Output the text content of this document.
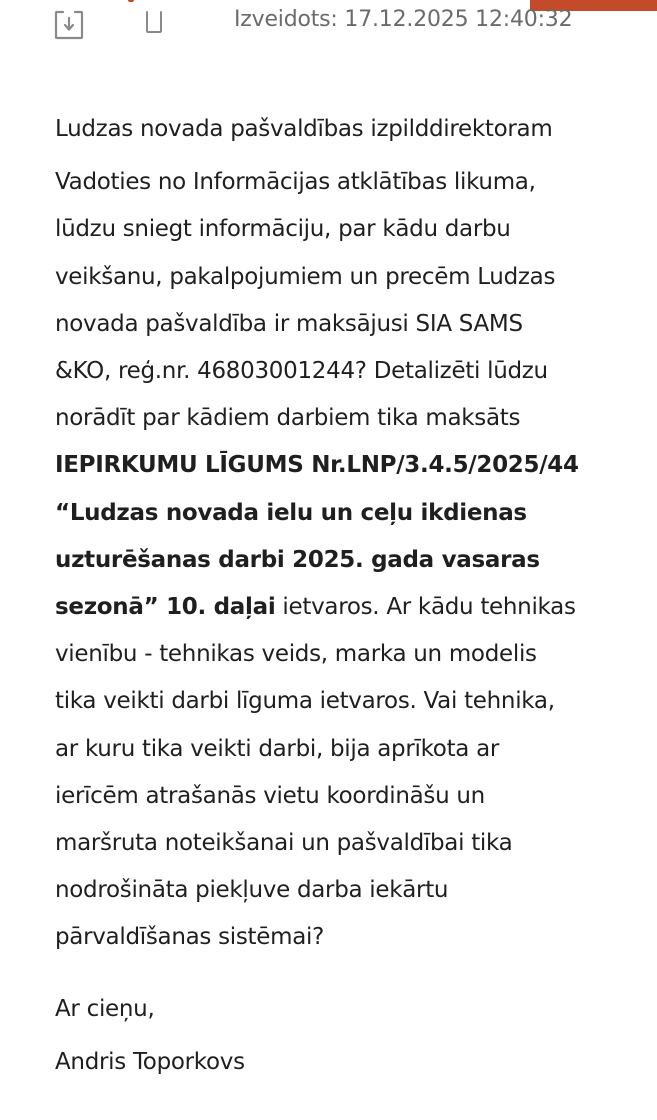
Izveidots: 17.12.2025 12:40:32

Ludzas novada pašvaldības izpilddirektoram

Vadoties no Informācijas atklātības likuma,
lūdzu sniegt informāciju, par kādu darbu
veikšanu, pakalpojumiem un precēm Ludzas
novada pašvaldība ir maksājusi SIA SAMS
&KO, reģ.nr. 46803001244? Detalizēti lūdzu
norādīt par kādiem darbiem tika maksāts
IEPIRKUMU LĪGUMS Nr.LNP/3.4.5/2025/44
“Ludzas novada ielu un ceļu ikdienas
uzturēšanas darbi 2025. gada vasaras
sezonā” 10. daļai ietvaros. Ar kādu tehnikas
vienību - tehnikas veids, marka un modelis
tika veikti darbi līguma ietvaros. Vai tehnika,
ar kuru tika veikti darbi, bija aprīkota ar
ierīcēm atrašanās vietu koordināšu un
maršruta noteikšanai un pašvaldībai tika
nodrošināta piekļuve darba iekārtu
pārvaldīšanas sistēmai?

Ar cieņu,

Andris Toporkovs
